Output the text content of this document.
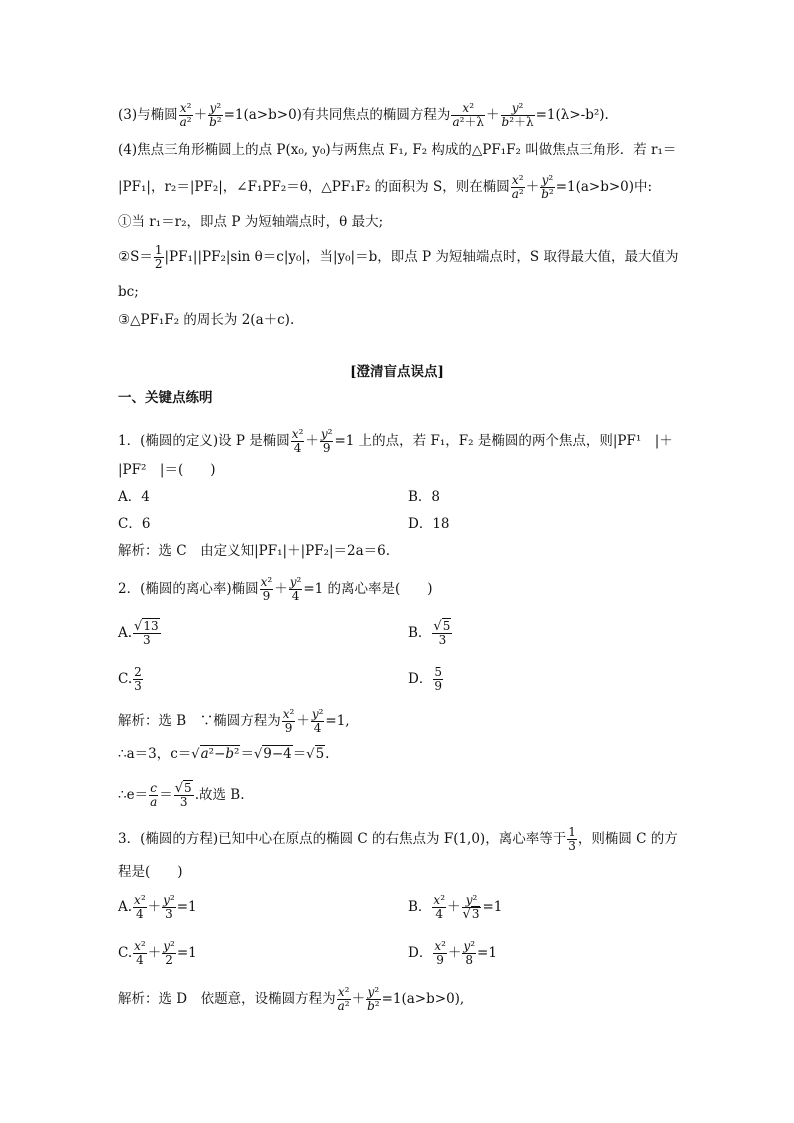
(3)与椭圆 $\frac{\text{x²}}{\text{a²}} + \frac{\text{y²}}{\text{b²}} =1(a>b>0)$有共同焦点的椭圆方程为 $\frac{\text{x²}}{\text{a²＋λ}} + \frac{\text{y²}}{\text{b²＋λ}} =1(\lambda>-b^2)$.
(4)焦点三角形椭圆上的点 P(x₀, y₀)与两焦点 F₁, F₂ 构成的△PF₁F₂ 叫做焦点三角形．若 r₁＝
|PF₁|，r₂＝|PF₂|，∠F₁PF₂＝θ，△PF₁F₂ 的面积为 S，则在椭圆 $\frac{\text{x²}}{\text{a²}} + \frac{\text{y²}}{\text{b²}} =1(a>b>0)$中:
①当 r₁＝r₂，即点 P 为短轴端点时，θ 最大;
②S＝ $\frac{1}{2} |PF_1||PF_2|\sin$ θ＝c|y₀|，当|y₀|＝b，即点 P 为短轴端点时，S 取得最大值，最大值为
bc;
③△PF₁F₂ 的周长为 2(a＋c).
[澄清盲点误点]
一、关键点练明
1．(椭圆的定义)设 P 是椭圆 $\frac{\text{x²}}{4} + \frac{\text{y²}}{9} =1$ 上的点，若 F₁，F₂ 是椭圆的两个焦点，则|PF¹　|＋
|PF²　|＝(　　)
A．4	B．8
C．6	D．18
解析：选 C　由定义知|PF₁|＋|PF₂|＝2a＝6.
2．(椭圆的离心率)椭圆 $\frac{\text{x²}}{9} + \frac{\text{y²}}{4} =1$ 的离心率是(　　)
A. $\frac{√13}{3}$	B． $\frac{√5}{3}$
C. $\frac{2}{3}$	D． $\frac{5}{9}$
解析：选 B　∵椭圆方程为 $\frac{\text{x²}}{9} + \frac{\text{y²}}{4} =1$,
∴a＝3，c＝√a²−b²＝√9−4＝√5.
∴e＝ $\frac{c}{a} = \frac{√5}{3}$ .故选 B.
3．(椭圆的方程)已知中心在原点的椭圆 C 的右焦点为 F(1,0)，离心率等于 $\frac{1}{3}$ ，则椭圆 C 的方
程是(　　)
A. $\frac{\text{x²}}{4} + \frac{\text{y²}}{3} =1$	B． $\frac{\text{x²}}{4} + \frac{\text{y²}}{√3} =1$
C. $\frac{\text{x²}}{4} + \frac{\text{y²}}{2} =1$	D． $\frac{\text{x²}}{9} + \frac{\text{y²}}{8} =1$
解析：选 D　依题意，设椭圆方程为 $\frac{\text{x²}}{\text{a²}} + \frac{\text{y²}}{\text{b²}} =1(a>b>0)$,
